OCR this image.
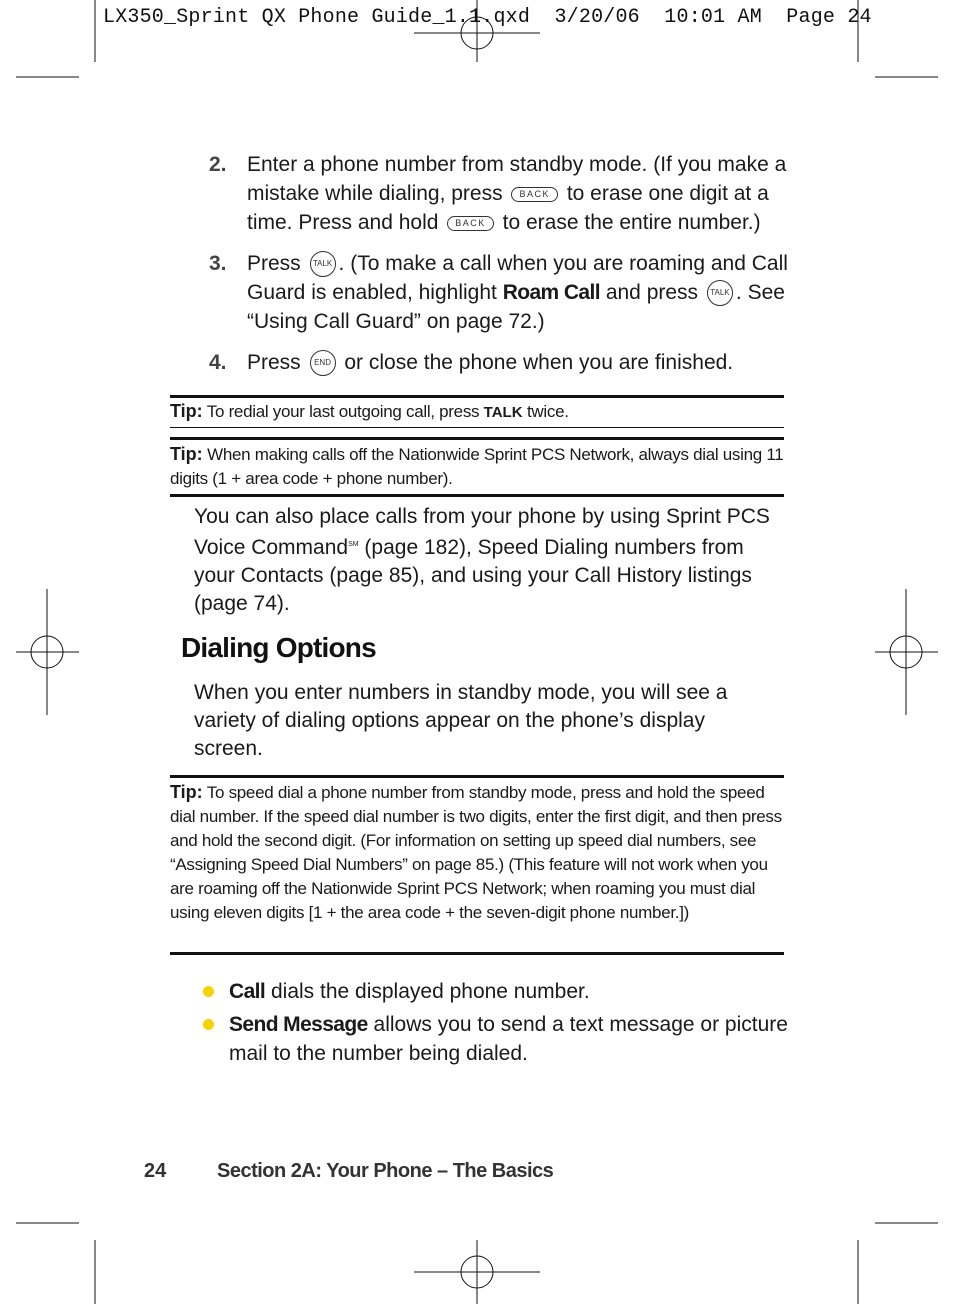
LX350_Sprint QX Phone Guide_1.1.qxd  3/20/06  10:01 AM  Page 24
2. Enter a phone number from standby mode. (If you make a mistake while dialing, press BACK to erase one digit at a time. Press and hold BACK to erase the entire number.)
3. Press TALK . (To make a call when you are roaming and Call Guard is enabled, highlight Roam Call and press TALK . See “Using Call Guard” on page 72.)
4. Press END or close the phone when you are finished.
Tip: To redial your last outgoing call, press TALK twice.
Tip: When making calls off the Nationwide Sprint PCS Network, always dial using 11 digits (1 + area code + phone number).
You can also place calls from your phone by using Sprint PCS Voice Command℠ (page 182), Speed Dialing numbers from your Contacts (page 85), and using your Call History listings (page 74).
Dialing Options
When you enter numbers in standby mode, you will see a variety of dialing options appear on the phone’s display screen.
Tip: To speed dial a phone number from standby mode, press and hold the speed dial number. If the speed dial number is two digits, enter the first digit, and then press and hold the second digit. (For information on setting up speed dial numbers, see “Assigning Speed Dial Numbers” on page 85.) (This feature will not work when you are roaming off the Nationwide Sprint PCS Network; when roaming you must dial using eleven digits [1 + the area code + the seven-digit phone number.])
Call dials the displayed phone number.
Send Message allows you to send a text message or picture mail to the number being dialed.
24	Section 2A: Your Phone – The Basics
